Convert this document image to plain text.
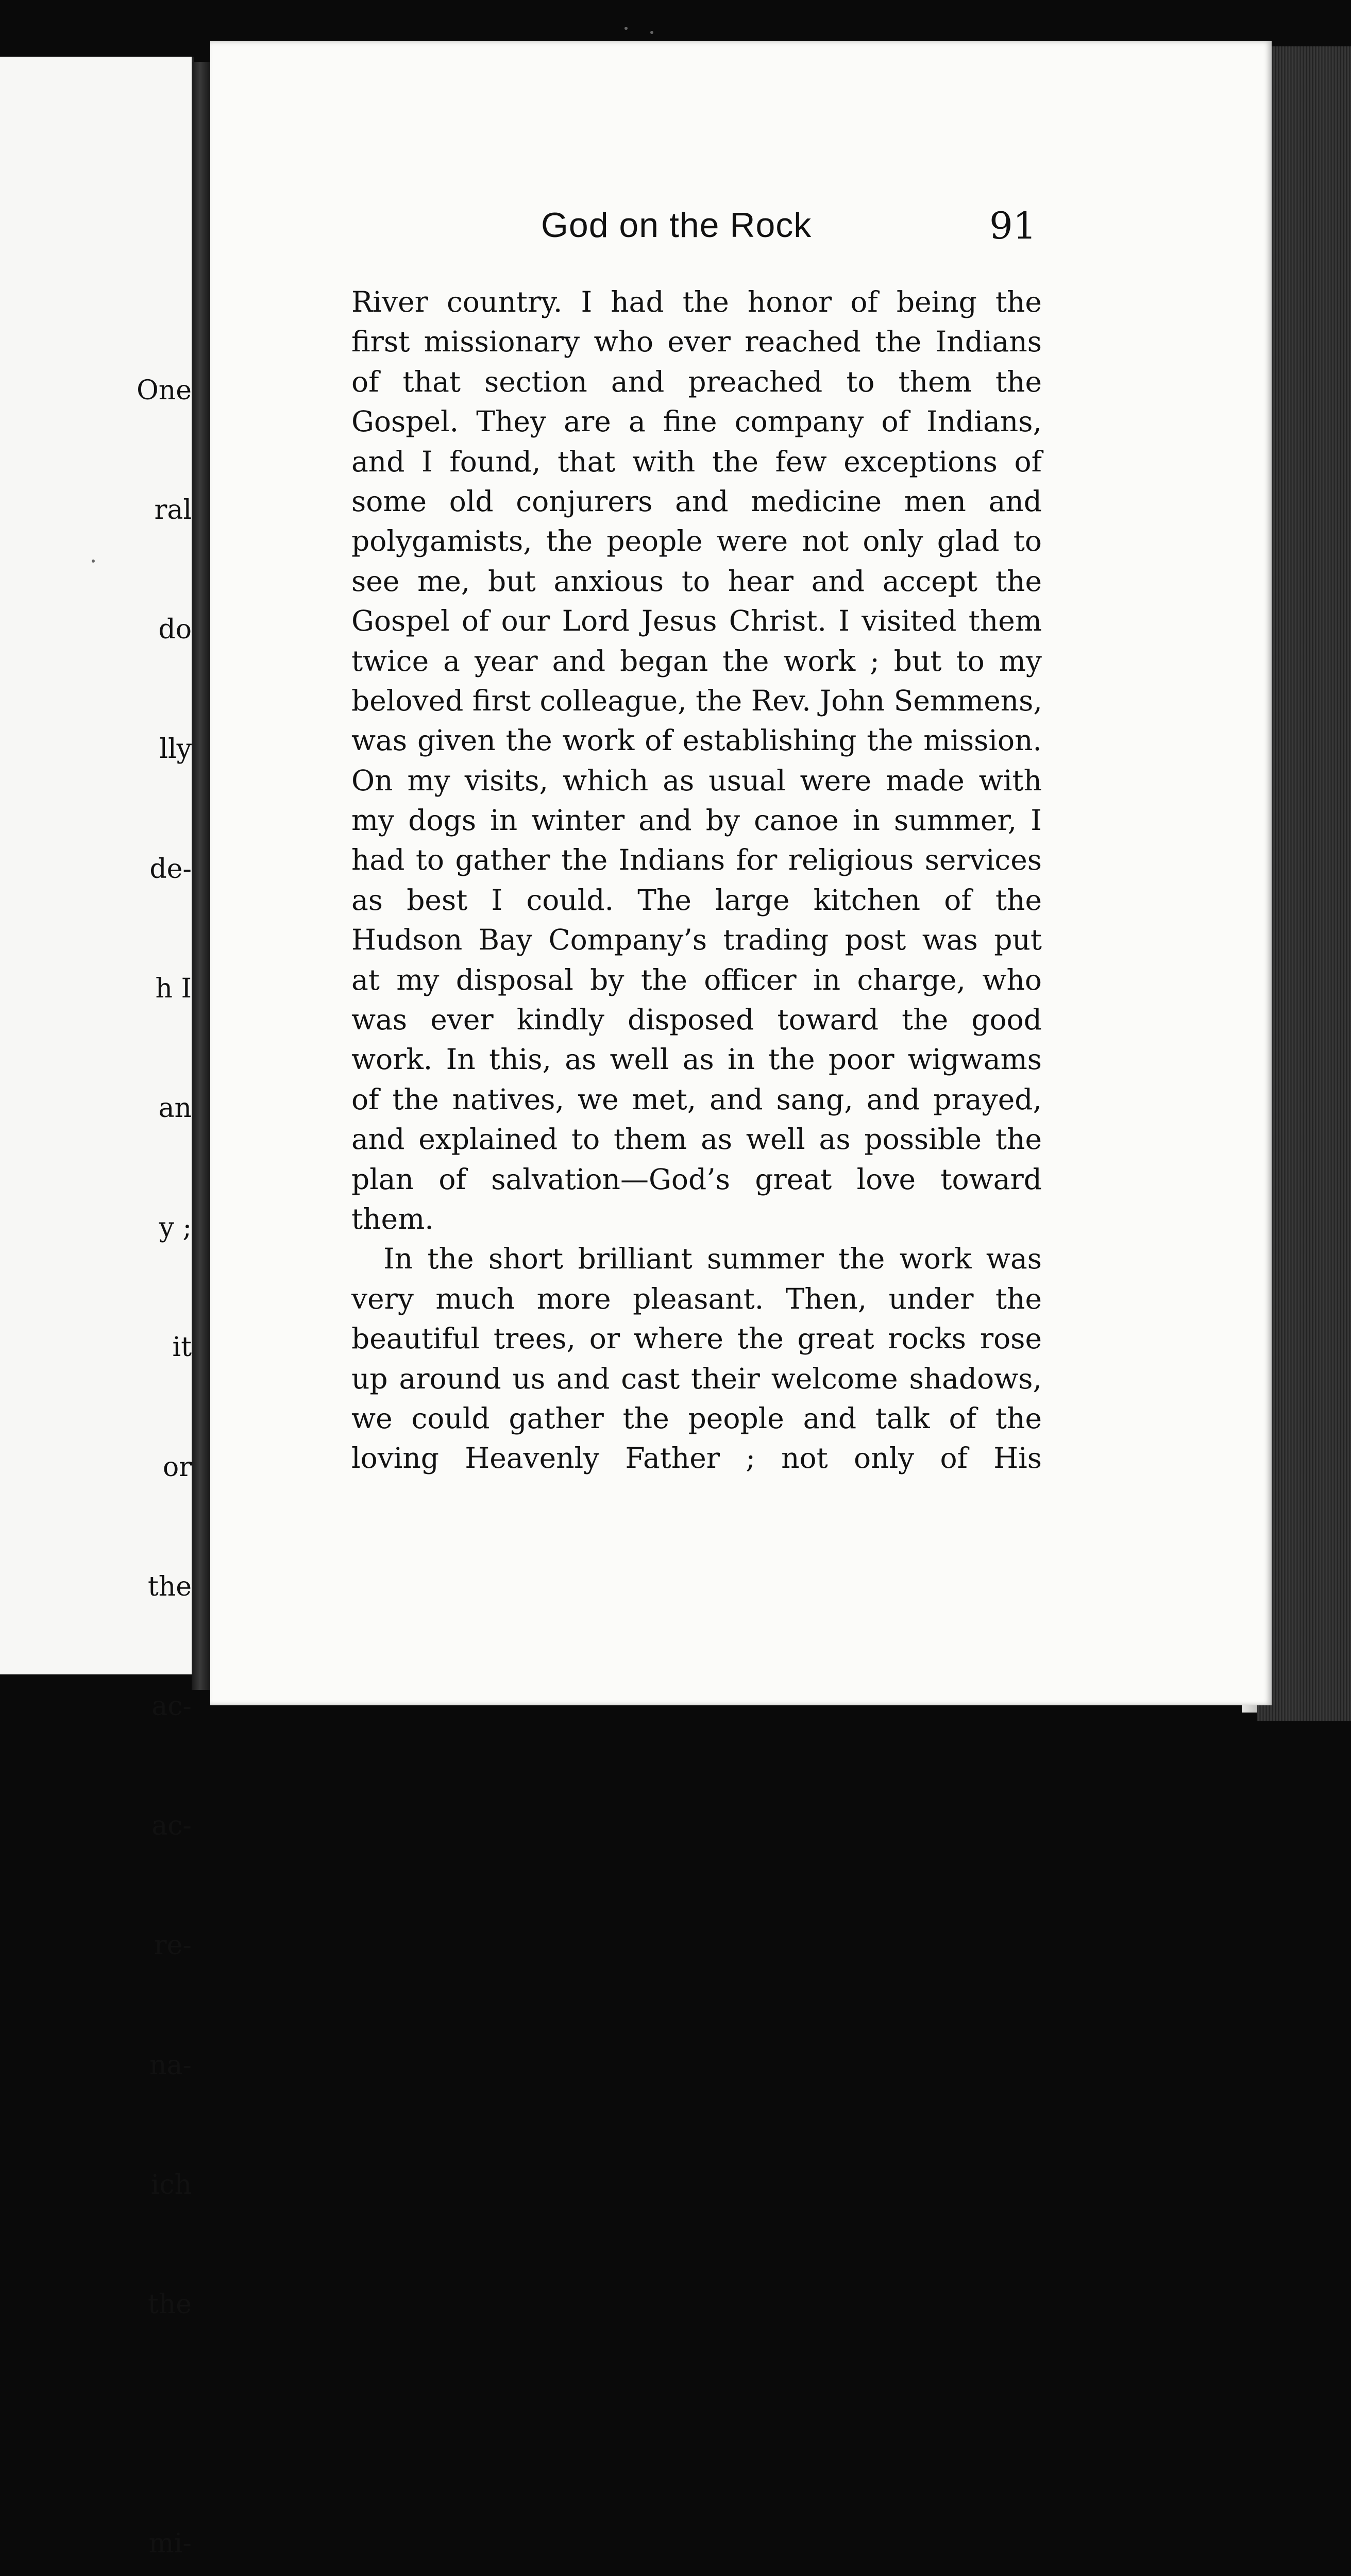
One

ral

do

lly

de-

h I

an

y ;

it

or

the

ac-

ac-

re-

na-

ich

the

mi-

God on the Rock	91
River country. I had the honor of being the
first missionary who ever reached the Indians
of that section and preached to them the
Gospel. They are a fine company of Indians,
and I found, that with the few exceptions of
some old conjurers and medicine men and
polygamists, the people were not only glad to
see me, but anxious to hear and accept the
Gospel of our Lord Jesus Christ. I visited them
twice a year and began the work ; but to my
beloved first colleague, the Rev. John Semmens,
was given the work of establishing the mission.
On my visits, which as usual were made with
my dogs in winter and by canoe in summer, I
had to gather the Indians for religious services
as best I could. The large kitchen of the
Hudson Bay Company’s trading post was put
at my disposal by the officer in charge, who
was ever kindly disposed toward the good
work. In this, as well as in the poor wigwams
of the natives, we met, and sang, and prayed,
and explained to them as well as possible the
plan of salvation—God’s great love toward
them.
In the short brilliant summer the work was
very much more pleasant. Then, under the
beautiful trees, or where the great rocks rose
up around us and cast their welcome shadows,
we could gather the people and talk of the
loving Heavenly Father ; not only of His
